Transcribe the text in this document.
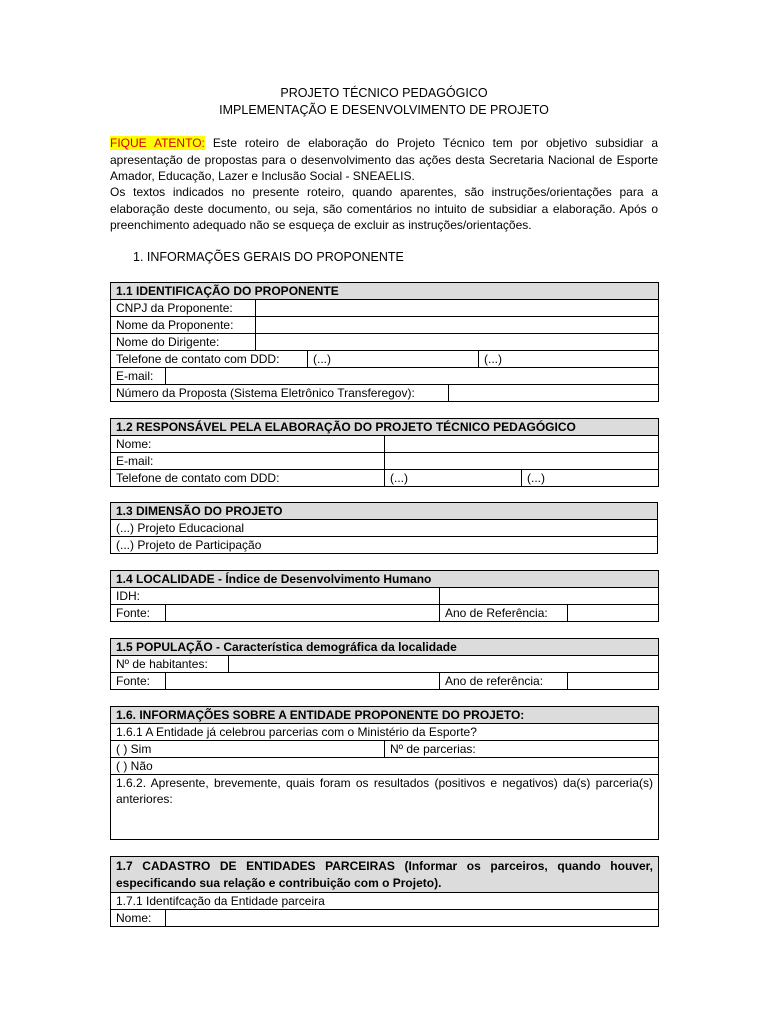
PROJETO TÉCNICO PEDAGÓGICO
IMPLEMENTAÇÃO E DESENVOLVIMENTO DE PROJETO
FIQUE ATENTO: Este roteiro de elaboração do Projeto Técnico tem por objetivo subsidiar a apresentação de propostas para o desenvolvimento das ações desta Secretaria Nacional de Esporte Amador, Educação, Lazer e Inclusão Social - SNEAELIS.
Os textos indicados no presente roteiro, quando aparentes, são instruções/orientações para a elaboração deste documento, ou seja, são comentários no intuito de subsidiar a elaboração. Após o preenchimento adequado não se esqueça de excluir as instruções/orientações.
1. INFORMAÇÕES GERAIS DO PROPONENTE
1.1 IDENTIFICAÇÃO DO PROPONENTE				
CNPJ da Proponente:				
Nome da Proponente:				
Nome do Dirigente:				
Telefone de contato com DDD:		(...)		(...)

E-mail:				

Número da Proposta (Sistema Eletrônico Transferegov):				
1.2 RESPONSÁVEL PELA ELABORAÇÃO DO PROJETO TÉCNICO PEDAGÓGICO		
Nome:		
E-mail:		
Telefone de contato com DDD:	(...)	(...)
1.3 DIMENSÃO DO PROJETO
(...) Projeto Educacional
(...) Projeto de Participação
1.4 LOCALIDADE - Índice de Desenvolvimento Humano			
IDH:			
Fonte:		Ano de Referência:	
1.5 POPULAÇÃO - Característica demográfica da localidade				
Nº de habitantes:				
Fonte:			Ano de referência:	
1.6. INFORMAÇÕES SOBRE A ENTIDADE PROPONENTE DO PROJETO:
1.6.1 A Entidade já celebrou parcerias com o Ministério da Esporte?
( ) Sim	Nº de parcerias:
( ) Não
1.6.2. Apresente, brevemente, quais foram os resultados (positivos e negativos) da(s) parceria(s) anteriores:
1.7 CADASTRO DE ENTIDADES PARCEIRAS (Informar os parceiros, quando houver, especificando sua relação e contribuição com o Projeto).
1.7.1 Identifcação da Entidade parceira
Nome:	
